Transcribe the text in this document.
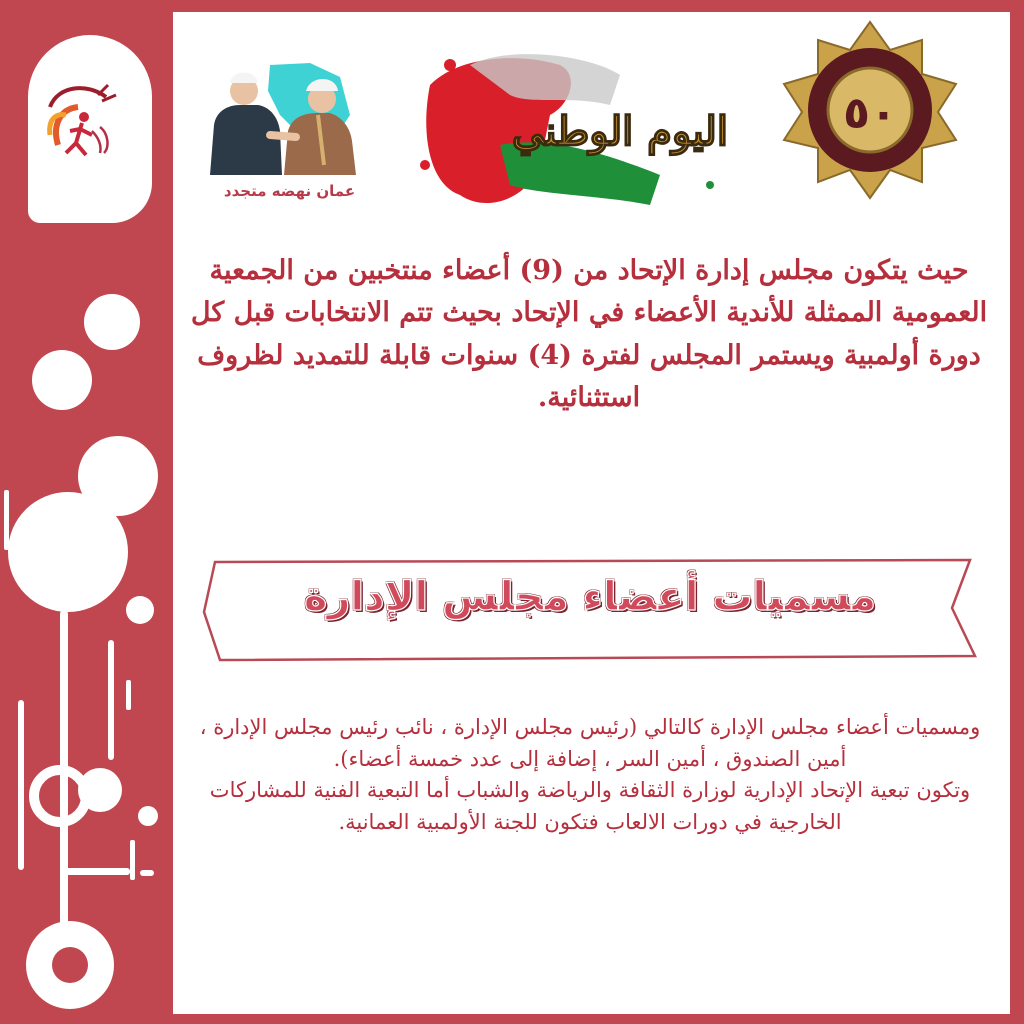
عمان نهضه متجدد
اليوم الوطني	٥٠
حيث يتكون مجلس إدارة الإتحاد من (9) أعضاء منتخبين من الجمعية العمومية الممثلة للأندية الأعضاء في الإتحاد بحيث تتم الانتخابات قبل كل دورة أولمبية ويستمر المجلس لفترة (4) سنوات قابلة للتمديد لظروف استثنائية.
مسميات أعضاء مجلس الإدارة
ومسميات أعضاء مجلس الإدارة كالتالي (رئيس مجلس الإدارة ، نائب رئيس مجلس الإدارة ، أمين الصندوق ، أمين السر ، إضافة إلى عدد خمسة أعضاء).
وتكون تبعية الإتحاد الإدارية لوزارة الثقافة والرياضة والشباب أما التبعية الفنية للمشاركات الخارجية في دورات الالعاب فتكون للجنة الأولمبية العمانية.
